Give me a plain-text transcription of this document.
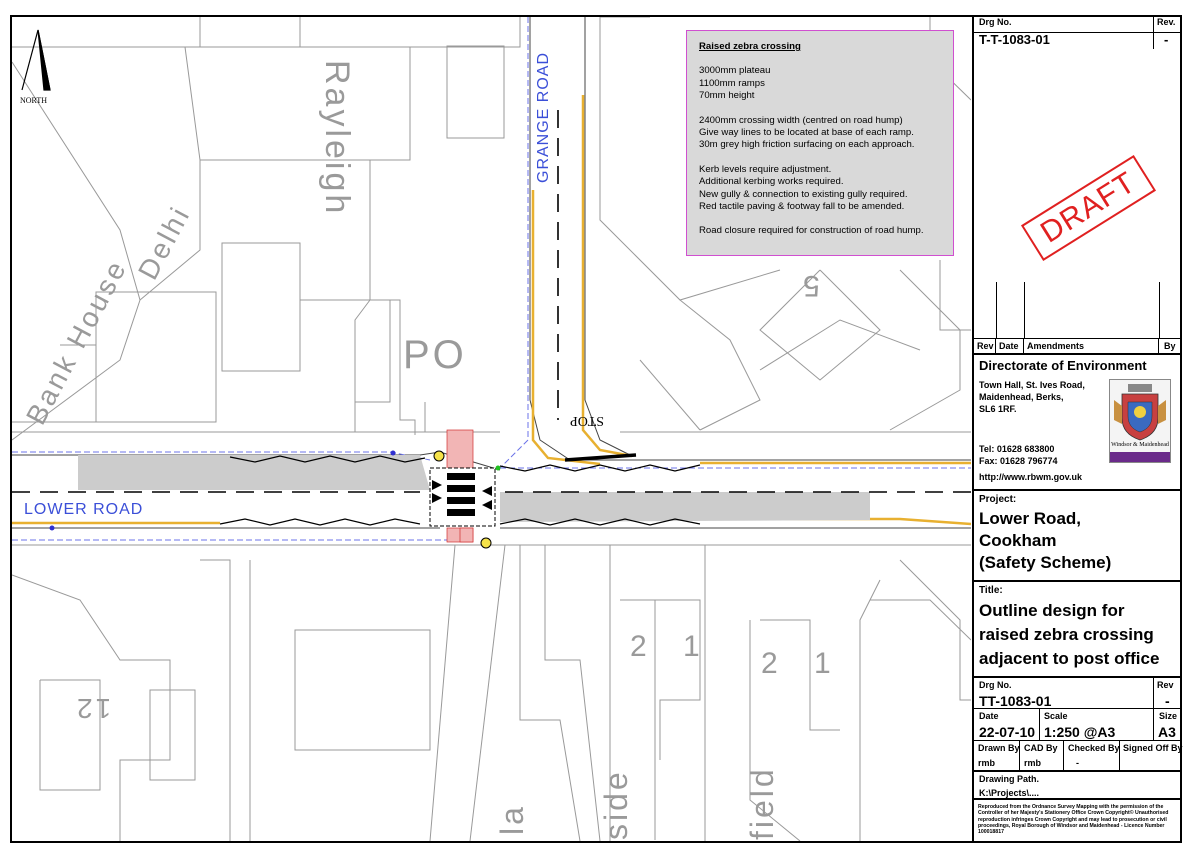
NORTH
LOWER ROAD
GRANGE ROAD
Rayleigh
Bank House
Delhi
PO
5
12
2 1
2 1
side	field
la
STOP
Raised zebra crossing
3000mm plateau
1100mm ramps
70mm height
2400mm crossing width (centred on road hump)
Give way lines to be located at base of each ramp.
30m grey high friction surfacing on each approach.
Kerb levels require adjustment.
Additional kerbing works required.
New gully & connection to existing gully required.
Red tactile paving & footway fall to be amended.
Road closure required for construction of road hump.	DRAFT
Drg No.
T-T-1083-01
Rev.
-
Rev Date Amendments	By
Directorate of Environment
Town Hall, St. Ives Road,
Maidenhead, Berks,
SL6 1RF.
Tel: 01628 683800
Fax: 01628 796774
http://www.rbwm.gov.uk
Windsor & Maidenhead
Project:
Lower Road,
Cookham
(Safety Scheme)
Title:
Outline design for
raised zebra crossing
adjacent to post office
Drg No.
TT-1083-01
Rev
-
Date
22-07-10
Scale
1:250 @A3
Size
A3
Drawn By
rmb
CAD By
rmb
Checked By
-
Signed Off By
Drawing Path.
K:\Projects\....
Reproduced from the Ordnance Survey Mapping with the permission of the Controller of her Majesty's Stationery Office Crown Copyright© Unauthorised reproduction infringes Crown Copyright and may lead to prosecution or civil proceedings, Royal Borough of Windsor and Maidenhead - Licence Number 100018817
